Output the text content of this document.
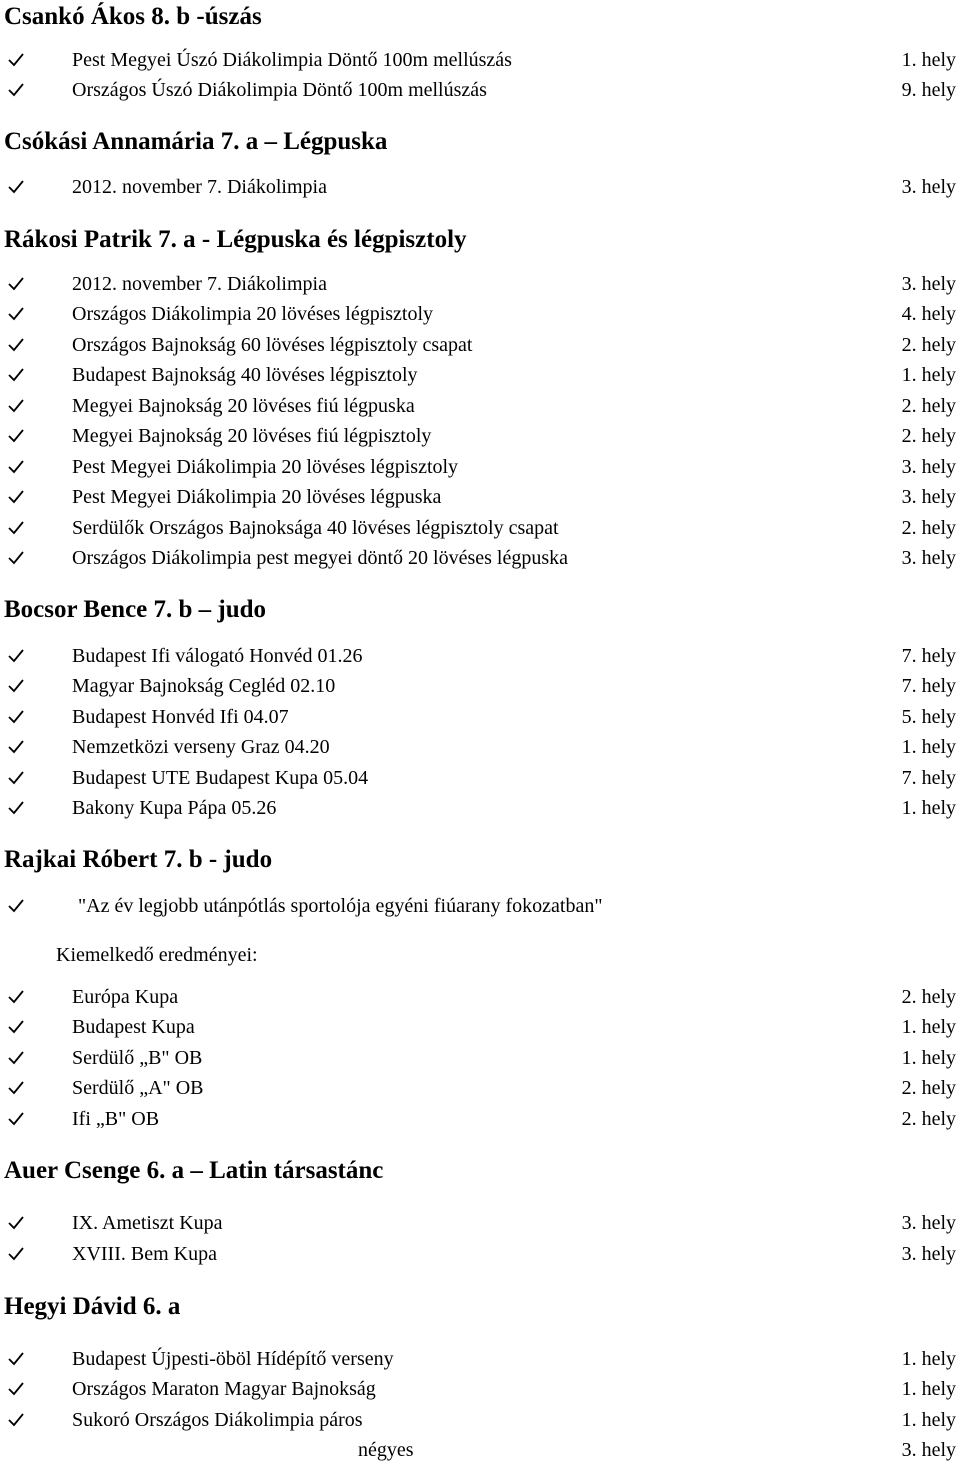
Csankó Ákos 8. b -úszás
Pest Megyei Úszó Diákolimpia Döntő 100m mellúszás	1. hely
Országos Úszó Diákolimpia Döntő 100m mellúszás	9. hely
Csókási Annamária 7. a – Légpuska
2012. november 7. Diákolimpia	3. hely
Rákosi Patrik 7. a - Légpuska és légpisztoly
2012. november 7. Diákolimpia	3. hely
Országos Diákolimpia 20 lövéses légpisztoly	4. hely
Országos Bajnokság 60 lövéses légpisztoly csapat	2. hely
Budapest Bajnokság 40 lövéses légpisztoly	1. hely
Megyei Bajnokság 20 lövéses fiú légpuska	2. hely
Megyei Bajnokság 20 lövéses fiú légpisztoly	2. hely
Pest Megyei Diákolimpia 20 lövéses légpisztoly	3. hely
Pest Megyei Diákolimpia 20 lövéses légpuska	3. hely
Serdülők Országos Bajnoksága 40 lövéses légpisztoly csapat	2. hely
Országos Diákolimpia pest megyei döntő 20 lövéses légpuska	3. hely
Bocsor Bence 7. b – judo
Budapest Ifi válogató Honvéd 01.26	7. hely
Magyar Bajnokság Cegléd 02.10	7. hely
Budapest Honvéd Ifi 04.07	5. hely
Nemzetközi verseny Graz 04.20	1. hely
Budapest UTE Budapest Kupa 05.04	7. hely
Bakony Kupa Pápa 05.26	1. hely
Rajkai Róbert 7. b - judo
"Az év legjobb utánpótlás sportolója egyéni fiúarany fokozatban"
Kiemelkedő eredményei:
Európa Kupa	2. hely
Budapest Kupa	1. hely
Serdülő „B" OB	1. hely
Serdülő „A" OB	2. hely
Ifi „B" OB	2. hely
Auer Csenge 6. a – Latin társastánc
IX. Ametiszt Kupa	3. hely
XVIII. Bem Kupa	3. hely
Hegyi Dávid 6. a
Budapest Újpesti-öböl Hídépítő verseny	1. hely
Országos Maraton Magyar Bajnokság	1. hely
Sukoró Országos Diákolimpia páros	1. hely
négyes	3. hely
